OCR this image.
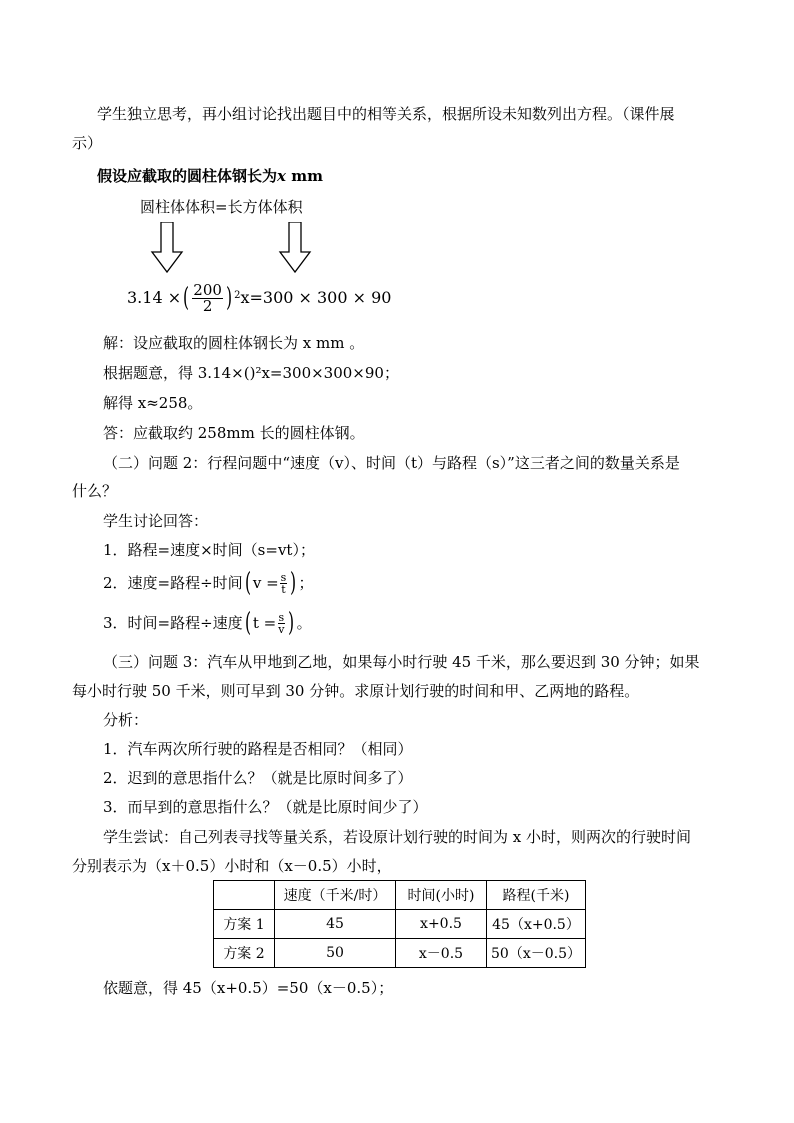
学生独立思考，再小组讨论找出题目中的相等关系，根据所设未知数列出方程。（课件展
示）
假设应截取的圆柱体钢长为x mm
圆柱体体积=长方体体积
3.14 × ( $\frac{200}{2}$ ) 2 x=300 × 300 × 90
解：设应截取的圆柱体钢长为 x mm 。
根据题意，得 3.14×()²x=300×300×90；
解得 x≈258。
答：应截取约 258mm 长的圆柱体钢。
（二）问题 2：行程问题中“速度（v）、时间（t）与路程（s）”这三者之间的数量关系是
什么？
学生讨论回答：
1．路程=速度×时间（s=vt）；
2．速度=路程÷时间 ( $v = \frac{s}{t}$ ) ；
3．时间=路程÷速度 ( $t = \frac{s}{v}$ ) 。
（三）问题 3：汽车从甲地到乙地，如果每小时行驶 45 千米，那么要迟到 30 分钟；如果
每小时行驶 50 千米，则可早到 30 分钟。求原计划行驶的时间和甲、乙两地的路程。
分析：
1．汽车两次所行驶的路程是否相同？（相同）
2．迟到的意思指什么？（就是比原时间多了）
3．而早到的意思指什么？（就是比原时间少了）
学生尝试：自己列表寻找等量关系，若设原计划行驶的时间为 x 小时，则两次的行驶时间
分别表示为（x＋0.5）小时和（x－0.5）小时，
	速度（千米/时）	时间(小时)	路程(千米)
方案 1	45	x+0.5	45（x+0.5）
方案 2	50	x－0.5	50（x－0.5）
依题意，得 45（x+0.5）=50（x－0.5）；
